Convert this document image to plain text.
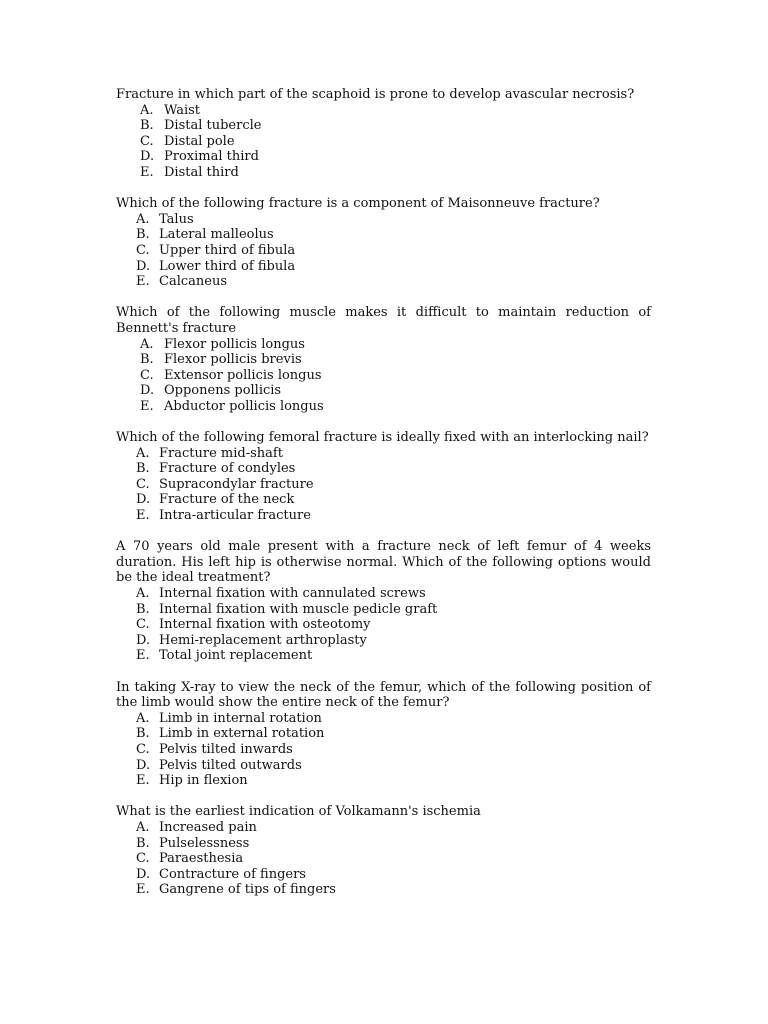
Fracture in which part of the scaphoid is prone to develop avascular necrosis?
A. Waist
B. Distal tubercle
C. Distal pole
D. Proximal third
E. Distal third
Which of the following fracture is a component of Maisonneuve fracture?
A. Talus
B. Lateral malleolus
C. Upper third of fibula
D. Lower third of fibula
E. Calcaneus
Which of the following muscle makes it difficult to maintain reduction of Bennett's fracture
A. Flexor pollicis longus
B. Flexor pollicis brevis
C. Extensor pollicis longus
D. Opponens pollicis
E. Abductor pollicis longus
Which of the following femoral fracture is ideally fixed with an interlocking nail?
A. Fracture mid-shaft
B. Fracture of condyles
C. Supracondylar fracture
D. Fracture of the neck
E. Intra-articular fracture
A 70 years old male present with a fracture neck of left femur of 4 weeks duration. His left hip is otherwise normal. Which of the following options would be the ideal treatment?
A. Internal fixation with cannulated screws
B. Internal fixation with muscle pedicle graft
C. Internal fixation with osteotomy
D. Hemi-replacement arthroplasty
E. Total joint replacement
In taking X-ray to view the neck of the femur, which of the following position of the limb would show the entire neck of the femur?
A. Limb in internal rotation
B. Limb in external rotation
C. Pelvis tilted inwards
D. Pelvis tilted outwards
E. Hip in flexion
What is the earliest indication of Volkamann's ischemia
A. Increased pain
B. Pulselessness
C. Paraesthesia
D. Contracture of fingers
E. Gangrene of tips of fingers
